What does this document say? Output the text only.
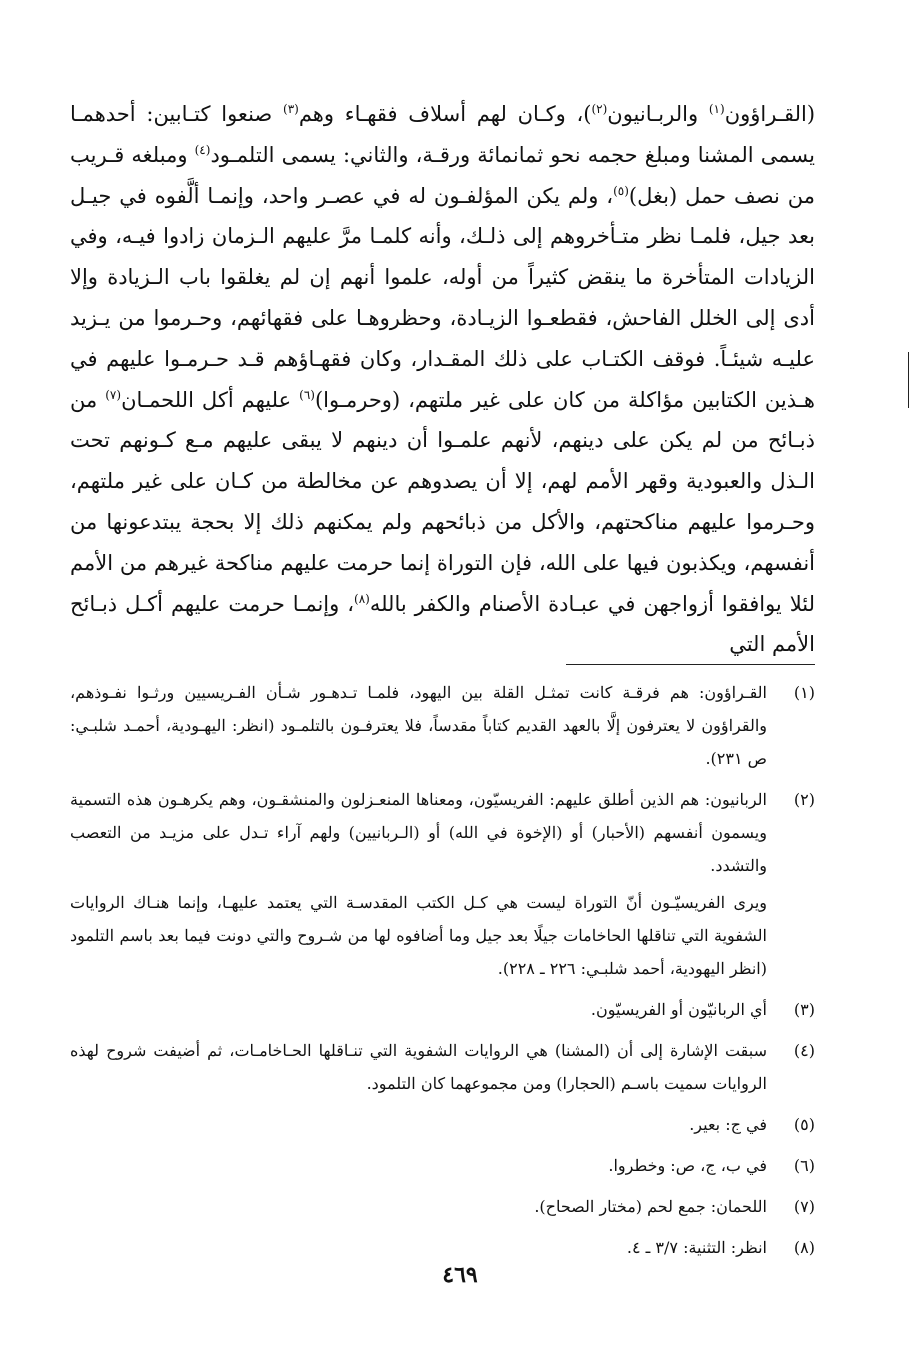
(القـراؤون$^{(١)}$ والربـانيون$^{(٢)}$)، وكـان لهم أسلاف فقهـاء وهم$^{(٣)}$ صنعوا كتـابين: أحدهمـا يسمى المشنا ومبلغ حجمه نحو ثمانمائة ورقـة، والثاني: يسمى التلمـود$^{(٤)}$ ومبلغه قـريب من نصف حمل (بغل)$^{(٥)}$، ولم يكن المؤلفـون له في عصـر واحد، وإنمـا ألَّفوه في جيـل بعد جيل، فلمـا نظر متـأخروهم إلى ذلـك، وأنه كلمـا مرَّ عليهم الـزمان زادوا فيـه، وفي الزيادات المتأخرة ما ينقض كثيراً من أوله، علموا أنهم إن لم يغلقوا باب الـزيادة وإلا أدى إلى الخلل الفاحش، فقطعـوا الزيـادة، وحظروهـا على فقهائهم، وحـرموا من يـزيد عليـه شيئـاً. فوقف الكتـاب على ذلك المقـدار، وكان فقهـاؤهم قـد حـرمـوا عليهم في هـذين الكتابين مؤاكلة من كان على غير ملتهم، (وحرمـوا)$^{(٦)}$ عليهم أكل اللحمـان$^{(٧)}$ من ذبـائح من لم يكن على دينهم، لأنهم علمـوا أن دينهم لا يبقى عليهم مـع كـونهم تحت الـذل والعبودية وقهر الأمم لهم، إلا أن يصدوهم عن مخالطة من كـان على غير ملتهم، وحـرموا عليهم مناكحتهم، والأكل من ذبائحهم ولم يمكنهم ذلك إلا بحجة يبتدعونها من أنفسهم، ويكذبون فيها على الله، فإن التوراة إنما حرمت عليهم مناكحة غيرهم من الأمم لئلا يوافقوا أزواجهن في عبـادة الأصنام والكفر بالله$^{(٨)}$، وإنمـا حرمت عليهم أكـل ذبـائح الأمم التي

(١)

القـراؤون: هم فرقـة كانت تمثـل القلة بين اليهود، فلمـا تـدهـور شـأن الفـريسيين ورثـوا نفـوذهم، والقراؤون لا يعترفون إلَّا بالعهد القديم كتاباً مقدساً، فلا يعترفـون بالتلمـود (انظر: اليهـودية، أحمـد شلبـي: ص ٢٣١).

(٢)

الربانيون: هم الذين أطلق عليهم: الفريسيّون، ومعناها المنعـزلون والمنشقـون، وهم يكرهـون هذه التسمية ويسمون أنفسهم (الأحبار) أو (الإخوة في الله) أو (الـربانيين) ولهم آراء تـدل على مزيـد من التعصب والتشدد.

ويرى الفريسيّـون أنّ التوراة ليست هي كـل الكتب المقدسـة التي يعتمد عليهـا، وإنما هنـاك الروايات الشفوية التي تناقلها الحاخامات جيلًا بعد جيل وما أضافوه لها من شـروح والتي دونت فيما بعد باسم التلمود (انظر اليهودية، أحمد شلبـي: ٢٢٦ ـ ٢٢٨).

(٣)

أي الربانيّون أو الفريسيّون.

(٤)

سبقت الإشارة إلى أن (المشنا) هي الروايات الشفوية التي تنـاقلها الحـاخامـات، ثم أضيفت شروح لهذه الروايات سميت باسـم (الحجارا) ومن مجموعهما كان التلمود.

(٥)

في ج: بعير.

(٦)

في ب، ج، ص: وخطروا.

(٧)

اللحمان: جمع لحم (مختار الصحاح).

(٨)

انظر: التثنية: ٣/٧ ـ ٤.

٤٦٩
